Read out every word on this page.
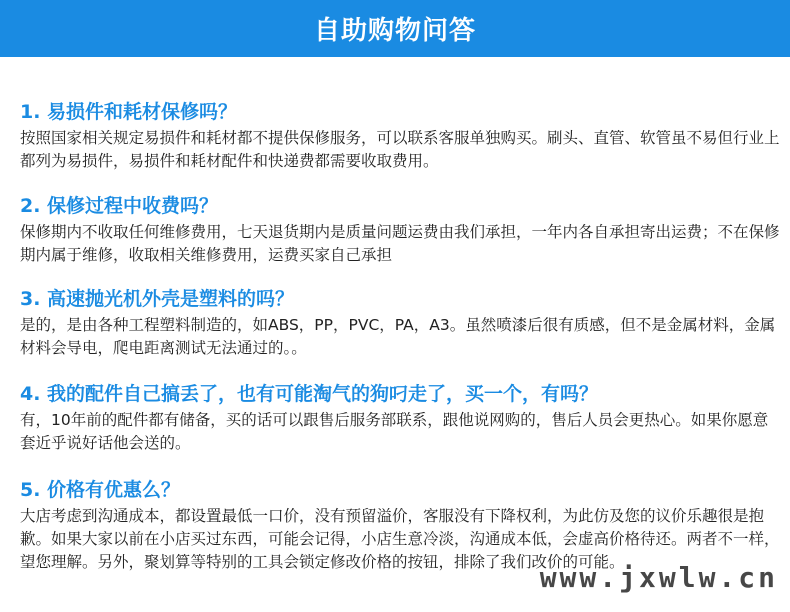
自助购物问答
1. 易损件和耗材保修吗？
按照国家相关规定易损件和耗材都不提供保修服务，可以联系客服单独购买。刷头、直管、软管虽不易但行业上都列为易损件，易损件和耗材配件和快递费都需要收取费用。
2. 保修过程中收费吗？
保修期内不收取任何维修费用，七天退货期内是质量问题运费由我们承担，一年内各自承担寄出运费；不在保修期内属于维修，收取相关维修费用，运费买家自己承担
3. 高速抛光机外壳是塑料的吗？
是的，是由各种工程塑料制造的，如ABS，PP，PVC，PA，A3。虽然喷漆后很有质感，但不是金属材料，金属材料会导电，爬电距离测试无法通过的。。
4. 我的配件自己搞丢了，也有可能淘气的狗叼走了，买一个，有吗？
有，10年前的配件都有储备，买的话可以跟售后服务部联系，跟他说网购的，售后人员会更热心。如果你愿意套近乎说好话他会送的。
5. 价格有优惠么？
大店考虑到沟通成本，都设置最低一口价，没有预留溢价，客服没有下降权利，为此仿及您的议价乐趣很是抱歉。如果大家以前在小店买过东西，可能会记得，小店生意冷淡，沟通成本低，会虚高价格待还。两者不一样，望您理解。另外，聚划算等特别的工具会锁定修改价格的按钮，排除了我们改价的可能。
www.jxwlw.cn
